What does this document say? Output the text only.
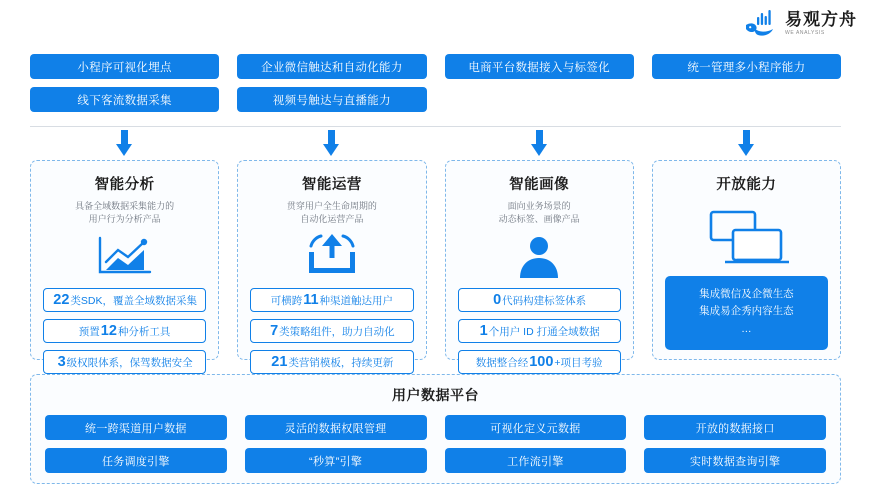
易观方舟
WE ANALYSIS
小程序可视化埋点
线下客流数据采集
企业微信触达和自动化能力
视频号触达与直播能力
电商平台数据接入与标签化	统一管理多小程序能力
智能分析
具备全域数据采集能力的
用户行为分析产品
22 类SDK，覆盖全域数据采集
预置 12 种分析工具
3 级权限体系，保驾数据安全
智能运营
贯穿用户全生命周期的
自动化运营产品
可横跨 11 种渠道触达用户
7 类策略组件，助力自动化
21 类营销模板，持续更新
智能画像
面向业务场景的
动态标签、画像产品
0 代码构建标签体系
1 个用户 ID 打通全域数据
数据整合经 100 +项目考验
开放能力
集成微信及企微生态
集成易企秀内容生态
…
用户数据平台
统一跨渠道用户数据	灵活的数据权限管理	可视化定义元数据	开放的数据接口
任务调度引擎	“秒算”引擎	工作流引擎	实时数据查询引擎
